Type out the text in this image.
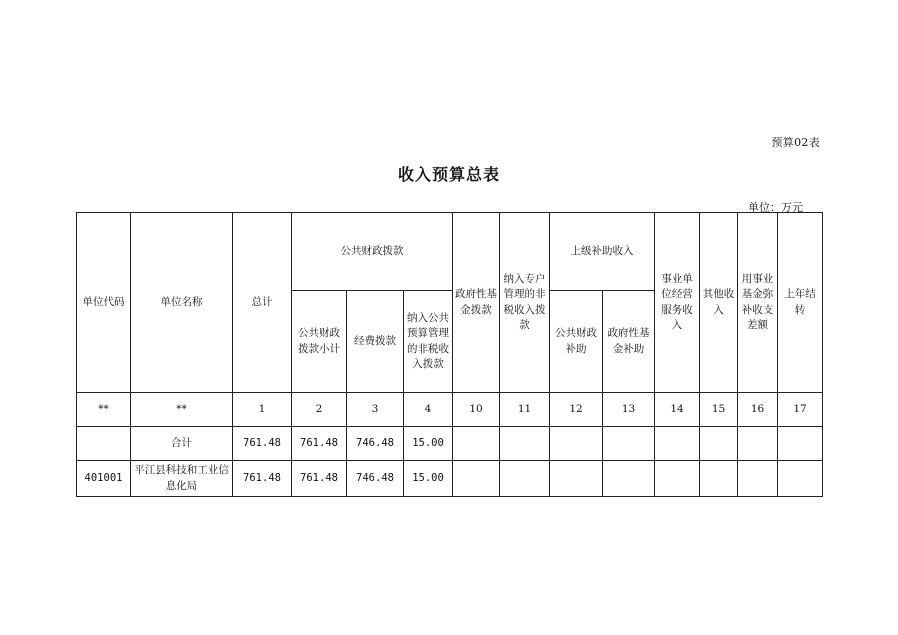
预算02表
收入预算总表
单位：万元
单位代码	单位名称	总计	公共财政拨款			政府性基金拨款	纳入专户管理的非税收入拨款	上级补助收入		事业单位经营服务收入	其他收入	用事业基金弥补收支差额	上年结转
			公共财政拨款小计	经费拨款	纳入公共预算管理的非税收入拨款			公共财政补助	政府性基金补助				
**	**	1	2	3	4	10	11	12	13	14	15	16	17
	合计	761.48	761.48	746.48	15.00								
401001	平江县科技和工业信息化局	761.48	761.48	746.48	15.00								
